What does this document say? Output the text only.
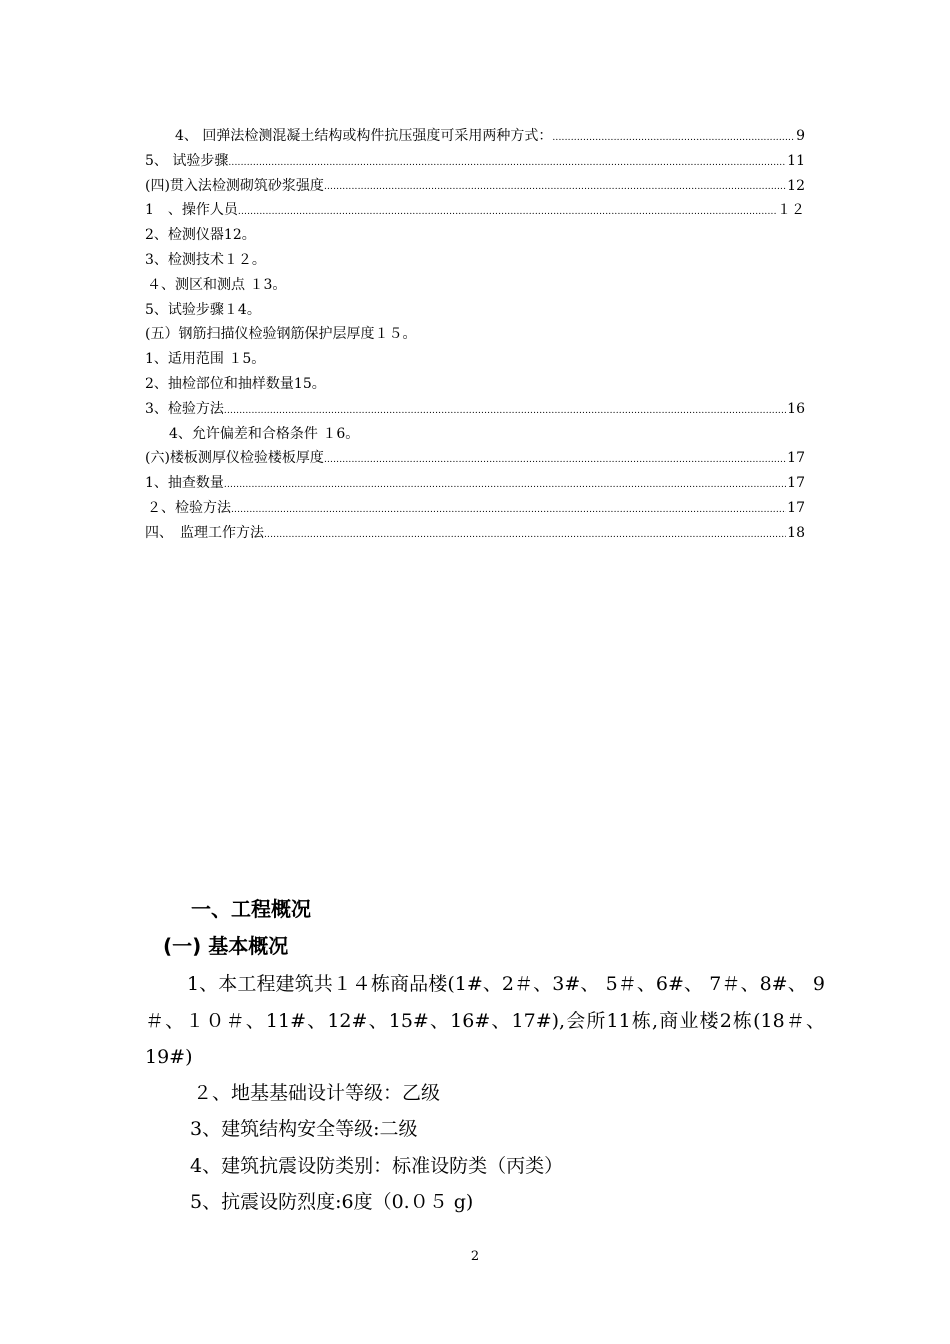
4、 回弹法检测混凝土结构或构件抗压强度可采用两种方式： .....	9
5、 试验步骤 .....	11
(四)贯入法检测砌筑砂浆强度 .....	12
1　、操作人员 .....	１２
2、检测仪器12。
3、检测技术１２。
４、测区和测点 １3。
5、试验步骤１4。
(五）钢筋扫描仪检验钢筋保护层厚度１５。
1、适用范围 １5。
2、抽检部位和抽样数量15。
3、检验方法 .....	16
4、允许偏差和合格条件 １6。
(六)楼板测厚仪检验楼板厚度 .....	17
1、抽查数量 .....	17
２、检验方法 .....	17
四、　监理工作方法 .....	18
一、工程概况
(一) 基本概况
1、本工程建筑共１４栋商品楼(1#、2＃、3#、 5＃、6#、 7＃、8#、 9＃、１０＃、11#、12#、15#、16#、17#),会所11栋,商业楼2栋(18＃、19#)
２、地基基础设计等级：乙级
3、建筑结构安全等级:二级
4、建筑抗震设防类别：标准设防类（丙类）
5、抗震设防烈度:6度（0.０５ g)
2
